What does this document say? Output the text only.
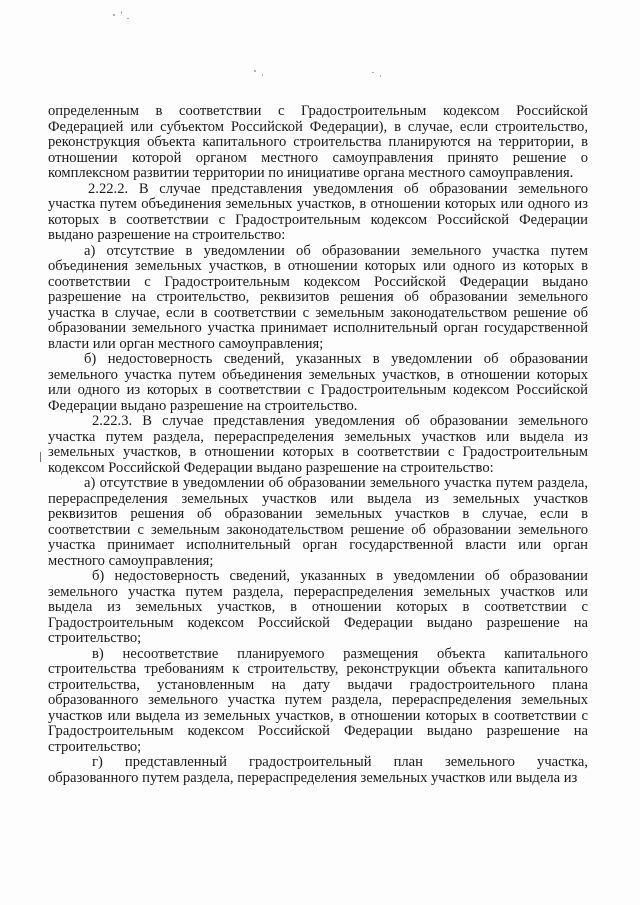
определенным в соответствии с Градостроительным кодексом Российской Федерацией или субъектом Российской Федерации), в случае, если строительство, реконструкция объекта капитального строительства планируются на территории, в отношении которой органом местного самоуправления принято решение о комплексном развитии территории по инициативе органа местного самоуправления.

2.22.2. В случае представления уведомления об образовании земельного участка путем объединения земельных участков, в отношении которых или одного из которых в соответствии с Градостроительным кодексом Российской Федерации выдано разрешение на строительство:

а) отсутствие в уведомлении об образовании земельного участка путем объединения земельных участков, в отношении которых или одного из которых в соответствии с Градостроительным кодексом Российской Федерации выдано разрешение на строительство, реквизитов решения об образовании земельного участка в случае, если в соответствии с земельным законодательством решение об образовании земельного участка принимает исполнительный орган государственной власти или орган местного самоуправления;

б) недостоверность сведений, указанных в уведомлении об образовании земельного участка путем объединения земельных участков, в отношении которых или одного из которых в соответствии с Градостроительным кодексом Российской Федерации выдано разрешение на строительство.

2.22.3. В случае представления уведомления об образовании земельного участка путем раздела, перераспределения земельных участков или выдела из земельных участков, в отношении которых в соответствии с Градостроительным кодексом Российской Федерации выдано разрешение на строительство:

а) отсутствие в уведомлении об образовании земельного участка путем раздела, перераспределения земельных участков или выдела из земельных участков реквизитов решения об образовании земельных участков в случае, если в соответствии с земельным законодательством решение об образовании земельного участка принимает исполнительный орган государственной власти или орган местного самоуправления;

б) недостоверность сведений, указанных в уведомлении об образовании земельного участка путем раздела, перераспределения земельных участков или выдела из земельных участков, в отношении которых в соответствии с Градостроительным кодексом Российской Федерации выдано разрешение на строительство;

в) несоответствие планируемого размещения объекта капитального строительства требованиям к строительству, реконструкции объекта капитального строительства, установленным на дату выдачи градостроительного плана образованного земельного участка путем раздела, перераспределения земельных участков или выдела из земельных участков, в отношении которых в соответствии с Градостроительным кодексом Российской Федерации выдано разрешение на строительство;

г) представленный градостроительный план земельного участка, образованного путем раздела, перераспределения земельных участков или выдела из
